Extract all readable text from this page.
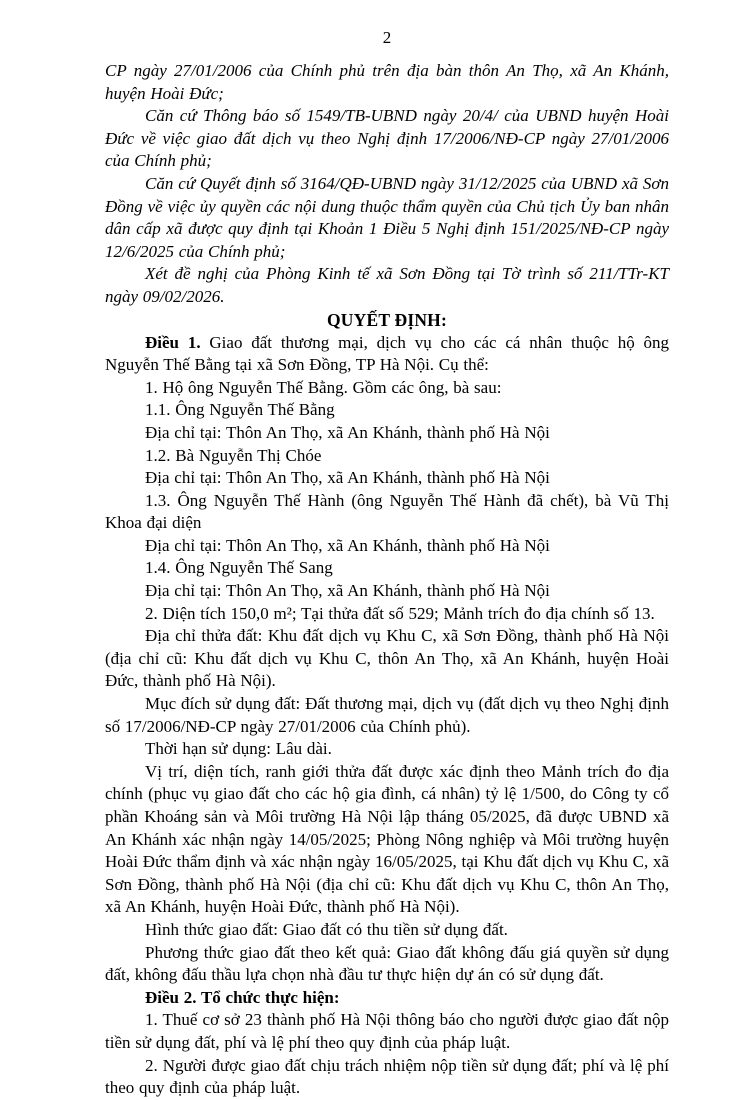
2

CP ngày 27/01/2006 của Chính phủ trên địa bàn thôn An Thọ, xã An Khánh, huyện Hoài Đức;

Căn cứ Thông báo số 1549/TB-UBND ngày 20/4/ của UBND huyện Hoài Đức về việc giao đất dịch vụ theo Nghị định 17/2006/NĐ-CP ngày 27/01/2006 của Chính phủ;

Căn cứ Quyết định số 3164/QĐ-UBND ngày 31/12/2025 của UBND xã Sơn Đồng về việc ủy quyền các nội dung thuộc thẩm quyền của Chủ tịch Ủy ban nhân dân cấp xã được quy định tại Khoản 1 Điều 5 Nghị định 151/2025/NĐ-CP ngày 12/6/2025 của Chính phủ;

Xét đề nghị của Phòng Kinh tế xã Sơn Đồng tại Tờ trình số 211/TTr-KT ngày 09/02/2026.

QUYẾT ĐỊNH:

Điều 1. Giao đất thương mại, dịch vụ cho các cá nhân thuộc hộ ông Nguyễn Thế Bằng tại xã Sơn Đồng, TP Hà Nội. Cụ thể:

1. Hộ ông Nguyễn Thế Bằng. Gồm các ông, bà sau:

1.1. Ông Nguyễn Thế Bằng

Địa chỉ tại: Thôn An Thọ, xã An Khánh, thành phố Hà Nội

1.2. Bà Nguyễn Thị Chóe

Địa chỉ tại: Thôn An Thọ, xã An Khánh, thành phố Hà Nội

1.3. Ông Nguyễn Thế Hành (ông Nguyễn Thế Hành đã chết), bà Vũ Thị Khoa đại diện

Địa chỉ tại: Thôn An Thọ, xã An Khánh, thành phố Hà Nội

1.4. Ông Nguyễn Thế Sang

Địa chỉ tại: Thôn An Thọ, xã An Khánh, thành phố Hà Nội

2. Diện tích 150,0 m²; Tại thửa đất số 529; Mảnh trích đo địa chính số 13.

Địa chỉ thửa đất: Khu đất dịch vụ Khu C, xã Sơn Đồng, thành phố Hà Nội (địa chỉ cũ: Khu đất dịch vụ Khu C, thôn An Thọ, xã An Khánh, huyện Hoài Đức, thành phố Hà Nội).

Mục đích sử dụng đất: Đất thương mại, dịch vụ (đất dịch vụ theo Nghị định số 17/2006/NĐ-CP ngày 27/01/2006 của Chính phủ).

Thời hạn sử dụng: Lâu dài.

Vị trí, diện tích, ranh giới thửa đất được xác định theo Mảnh trích đo địa chính (phục vụ giao đất cho các hộ gia đình, cá nhân) tỷ lệ 1/500, do Công ty cổ phần Khoáng sản và Môi trường Hà Nội lập tháng 05/2025, đã được UBND xã An Khánh xác nhận ngày 14/05/2025; Phòng Nông nghiệp và Môi trường huyện Hoài Đức thẩm định và xác nhận ngày 16/05/2025, tại Khu đất dịch vụ Khu C, xã Sơn Đồng, thành phố Hà Nội (địa chỉ cũ: Khu đất dịch vụ Khu C, thôn An Thọ, xã An Khánh, huyện Hoài Đức, thành phố Hà Nội).

Hình thức giao đất: Giao đất có thu tiền sử dụng đất.

Phương thức giao đất theo kết quả: Giao đất không đấu giá quyền sử dụng đất, không đấu thầu lựa chọn nhà đầu tư thực hiện dự án có sử dụng đất.

Điều 2. Tổ chức thực hiện:

1. Thuế cơ sở 23 thành phố Hà Nội thông báo cho người được giao đất nộp tiền sử dụng đất, phí và lệ phí theo quy định của pháp luật.

2. Người được giao đất chịu trách nhiệm nộp tiền sử dụng đất; phí và lệ phí theo quy định của pháp luật.
